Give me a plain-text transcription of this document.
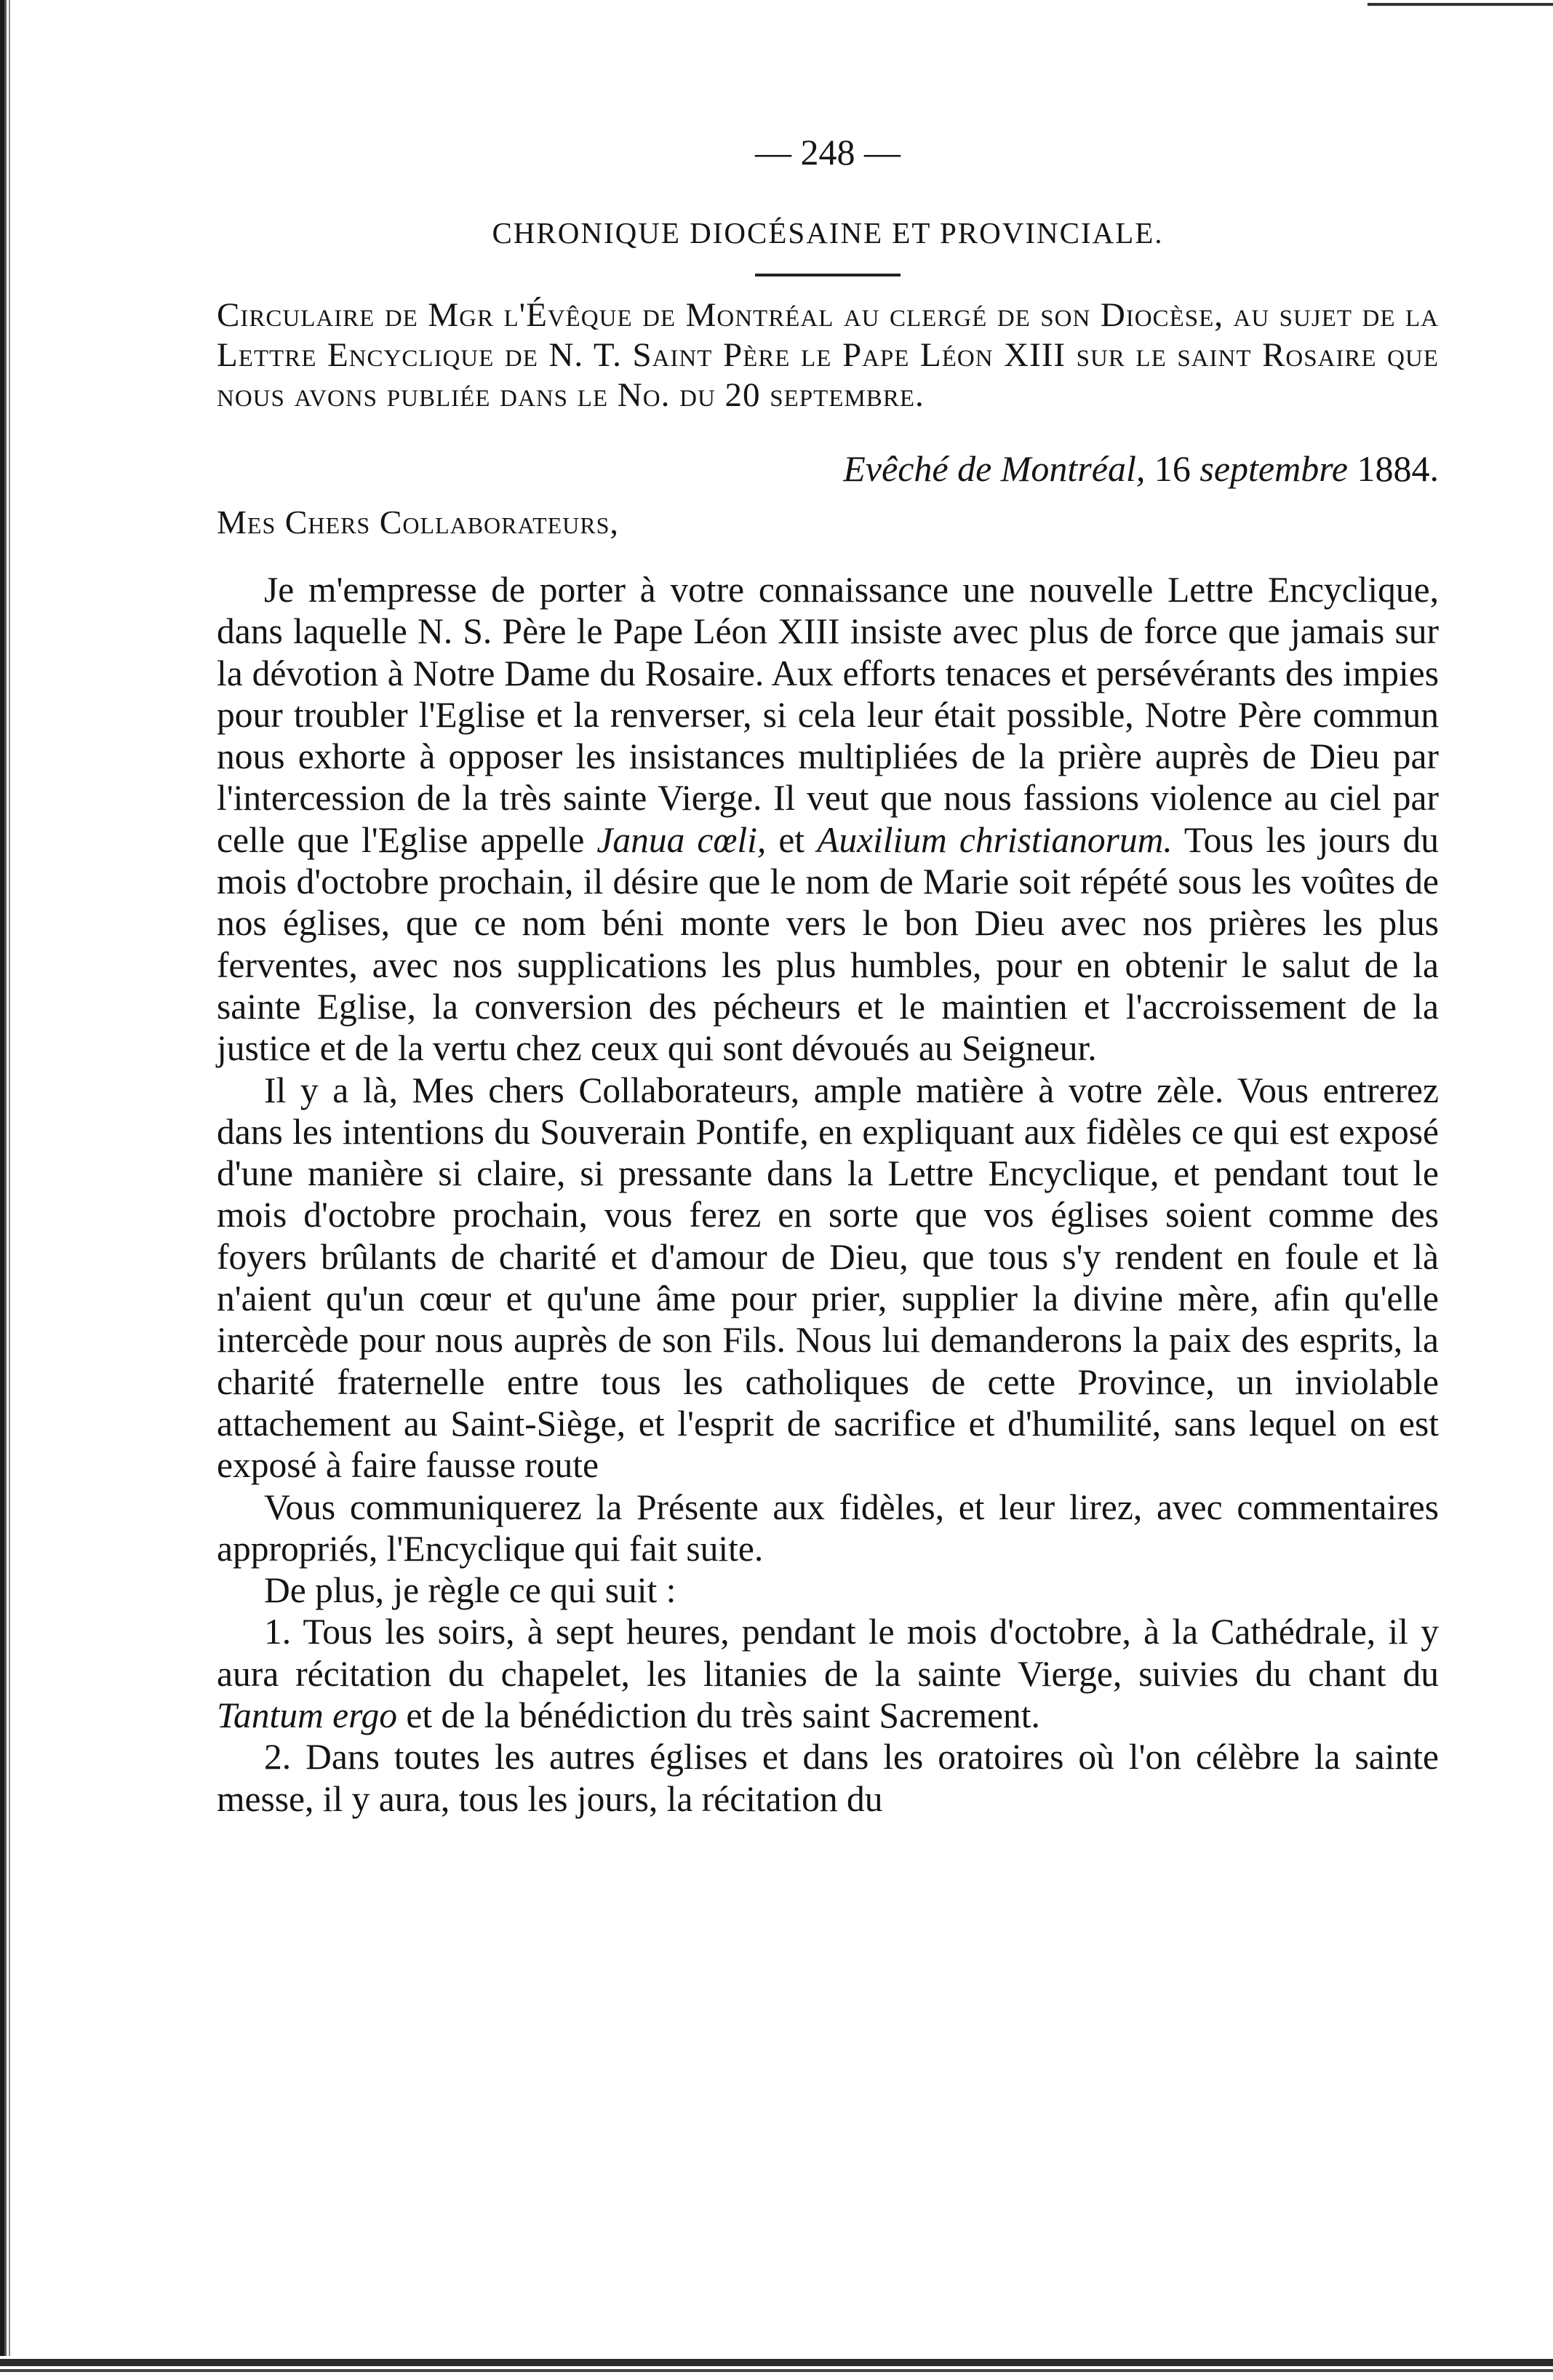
— 248 —
CHRONIQUE DIOCÉSAINE ET PROVINCIALE.
Circulaire de Mgr l'Évêque de Montréal au clergé de son Diocèse, au sujet de la Lettre Encyclique de N. T. Saint Père le Pape Léon XIII sur le saint Rosaire que nous avons publiée dans le No. du 20 septembre.
Evêché de Montréal, 16 septembre 1884.
Mes Chers Collaborateurs,

Je m'empresse de porter à votre connaissance une nouvelle Lettre Encyclique, dans laquelle N. S. Père le Pape Léon XIII insiste avec plus de force que jamais sur la dévotion à Notre Dame du Rosaire. Aux efforts tenaces et persévérants des impies pour troubler l'Eglise et la renverser, si cela leur était possible, Notre Père commun nous exhorte à opposer les insistances multipliées de la prière auprès de Dieu par l'intercession de la très sainte Vierge. Il veut que nous fassions violence au ciel par celle que l'Eglise appelle Janua cœli, et Auxilium christianorum. Tous les jours du mois d'octobre prochain, il désire que le nom de Marie soit répété sous les voûtes de nos églises, que ce nom béni monte vers le bon Dieu avec nos prières les plus ferventes, avec nos supplications les plus humbles, pour en obtenir le salut de la sainte Eglise, la conversion des pécheurs et le maintien et l'accroissement de la justice et de la vertu chez ceux qui sont dévoués au Seigneur.

Il y a là, Mes chers Collaborateurs, ample matière à votre zèle. Vous entrerez dans les intentions du Souverain Pontife, en expliquant aux fidèles ce qui est exposé d'une manière si claire, si pressante dans la Lettre Encyclique, et pendant tout le mois d'octobre prochain, vous ferez en sorte que vos églises soient comme des foyers brûlants de charité et d'amour de Dieu, que tous s'y rendent en foule et là n'aient qu'un cœur et qu'une âme pour prier, supplier la divine mère, afin qu'elle intercède pour nous auprès de son Fils. Nous lui demanderons la paix des esprits, la charité fraternelle entre tous les catholiques de cette Province, un inviolable attachement au Saint-Siège, et l'esprit de sacrifice et d'humilité, sans lequel on est exposé à faire fausse route

Vous communiquerez la Présente aux fidèles, et leur lirez, avec commentaires appropriés, l'Encyclique qui fait suite.

De plus, je règle ce qui suit :

1. Tous les soirs, à sept heures, pendant le mois d'octobre, à la Cathédrale, il y aura récitation du chapelet, les litanies de la sainte Vierge, suivies du chant du Tantum ergo et de la bénédiction du très saint Sacrement.

2. Dans toutes les autres églises et dans les oratoires où l'on célèbre la sainte messe, il y aura, tous les jours, la récitation du
